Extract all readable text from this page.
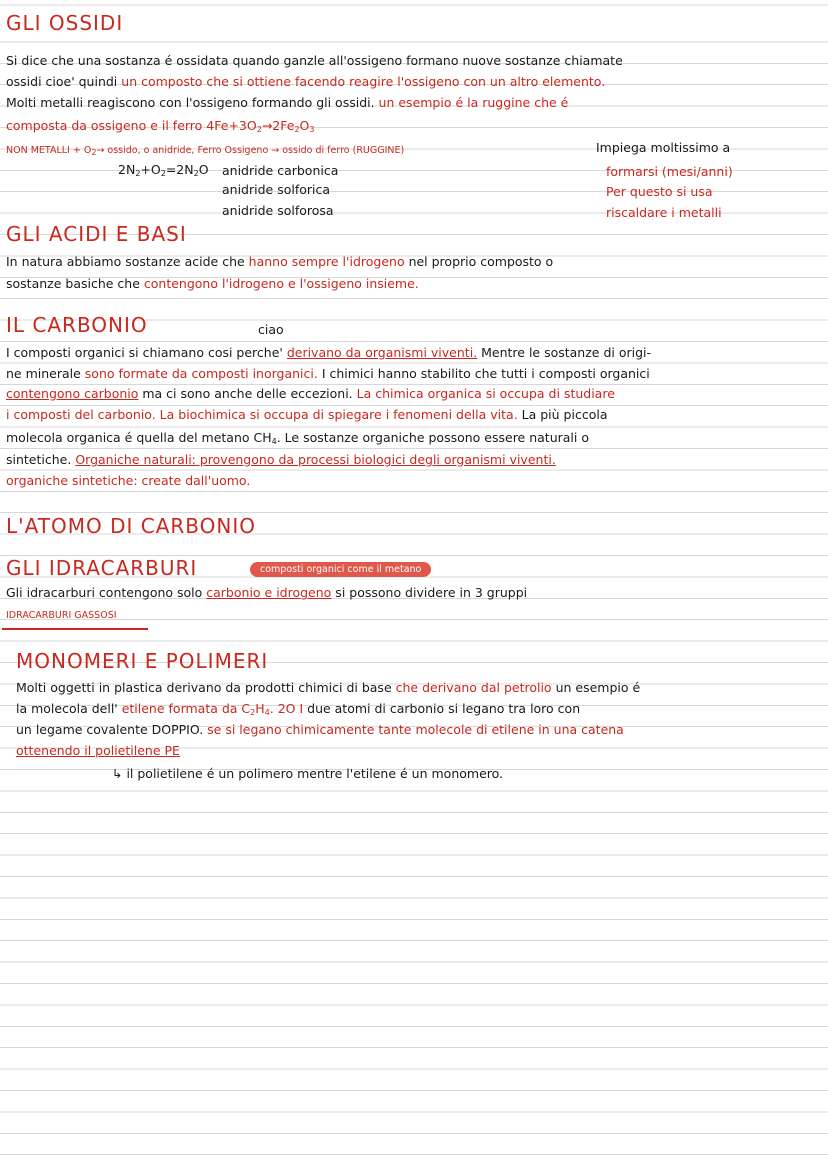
GLI OSSIDI
Si dice che una sostanza é ossidata quando ganzle all'ossigeno formano nuove sostanze chiamate
ossidi cioe' quindi un composto che si ottiene facendo reagire l'ossigeno con un altro elemento.
Molti metalli reagiscono con l'ossigeno formando gli ossidi. un esempio é la ruggine che é
composta da ossigeno e il ferro $4Fe+3O_2\to 2Fe_2O_3$
NON METALLI + $O_2\to$ ossido, o anidride, Ferro Ossigeno → ossido di ferro (RUGGINE)	Impiega moltissimo a
$2N_2+O_2=2N_2O$ anidride carbonica	formarsi (mesi/anni)
anidride solforica	Per questo si usa
anidride solforosa	riscaldare i metalli
GLI ACIDI E BASI
In natura abbiamo sostanze acide che hanno sempre l'idrogeno nel proprio composto o
sostanze basiche che contengono l'idrogeno e l'ossigeno insieme.
IL CARBONIO	ciao
I composti organici si chiamano cosi perche' derivano da organismi viventi. Mentre le sostanze di origi-
ne minerale sono formate da composti inorganici. I chimici hanno stabilito che tutti i composti organici
contengono carbonio ma ci sono anche delle eccezioni. La chimica organica si occupa di studiare
i composti del carbonio. La biochimica si occupa di spiegare i fenomeni della vita. La più piccola
molecola organica é quella del metano $CH_4$. Le sostanze organiche possono essere naturali o
sintetiche. Organiche naturali: provengono da processi biologici degli organismi viventi.
organiche sintetiche: create dall'uomo.
L'ATOMO DI CARBONIO
GLI IDRACARBURI	composti organici come il metano
Gli idracarburi contengono solo carbonio e idrogeno si possono dividere in 3 gruppi
IDRACARBURI GASSOSI
MONOMERI E POLIMERI
Molti oggetti in plastica derivano da prodotti chimici di base che derivano dal petrolio un esempio é
la molecola dell' etilene formata da $C_2H_4$. 2O I due atomi di carbonio si legano tra loro con
un legame covalente DOPPIO. se si legano chimicamente tante molecole di etilene in una catena
ottenendo il polietilene PE
↳ il polietilene é un polimero mentre l'etilene é un monomero.
